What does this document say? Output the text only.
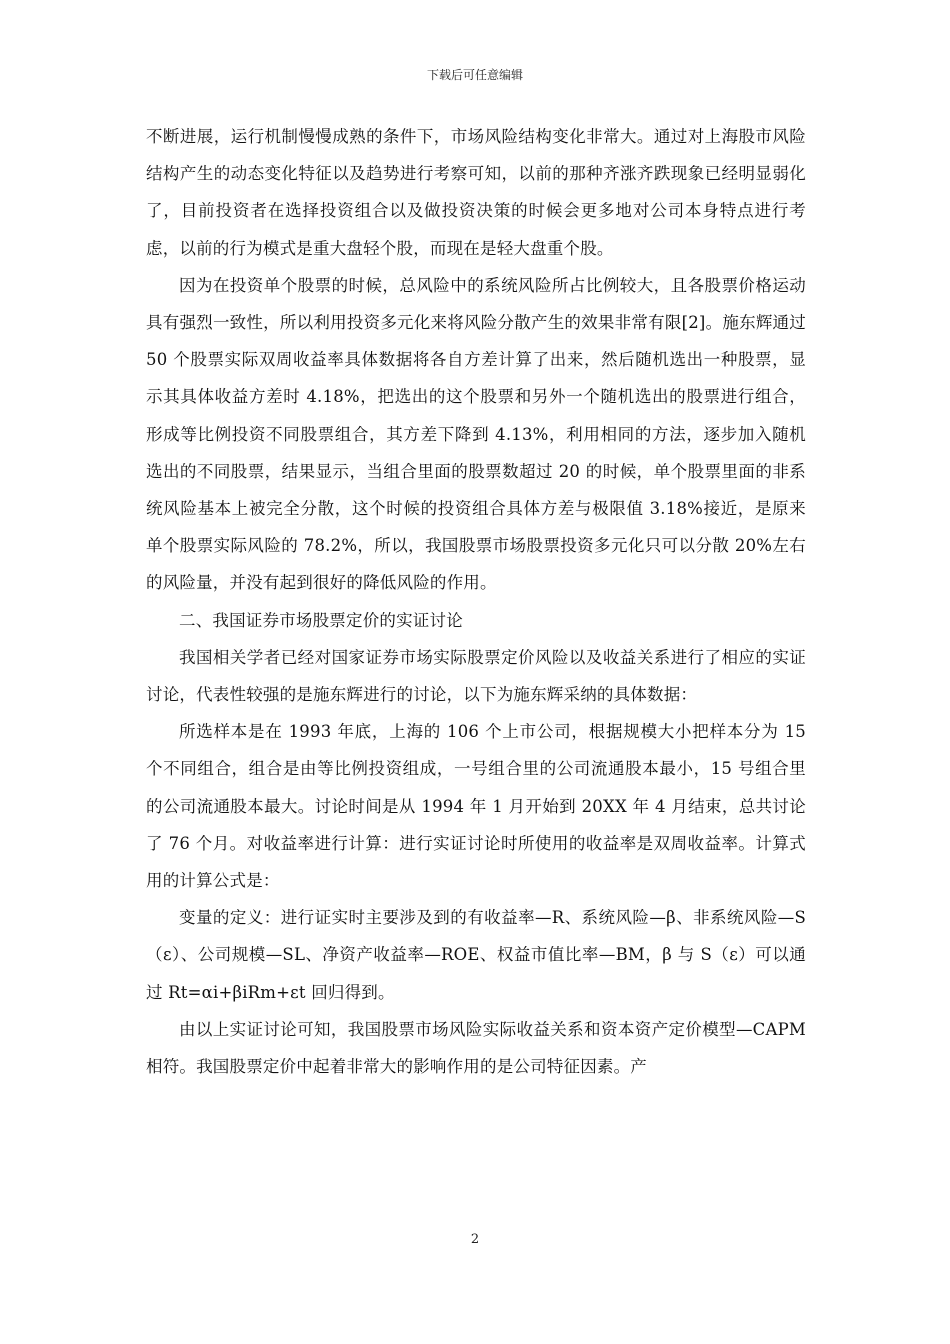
下载后可任意编辑

不断进展，运行机制慢慢成熟的条件下，市场风险结构变化非常大。通过对上海股市风险结构产生的动态变化特征以及趋势进行考察可知，以前的那种齐涨齐跌现象已经明显弱化了，目前投资者在选择投资组合以及做投资决策的时候会更多地对公司本身特点进行考虑，以前的行为模式是重大盘轻个股，而现在是轻大盘重个股。

因为在投资单个股票的时候，总风险中的系统风险所占比例较大，且各股票价格运动具有强烈一致性，所以利用投资多元化来将风险分散产生的效果非常有限[2]。施东辉通过 50 个股票实际双周收益率具体数据将各自方差计算了出来，然后随机选出一种股票，显示其具体收益方差时 4.18%，把选出的这个股票和另外一个随机选出的股票进行组合，形成等比例投资不同股票组合，其方差下降到 4.13%，利用相同的方法，逐步加入随机选出的不同股票，结果显示，当组合里面的股票数超过 20 的时候，单个股票里面的非系统风险基本上被完全分散，这个时候的投资组合具体方差与极限值 3.18%接近，是原来单个股票实际风险的 78.2%，所以，我国股票市场股票投资多元化只可以分散 20%左右的风险量，并没有起到很好的降低风险的作用。

二、我国证券市场股票定价的实证讨论

我国相关学者已经对国家证券市场实际股票定价风险以及收益关系进行了相应的实证讨论，代表性较强的是施东辉进行的讨论，以下为施东辉采纳的具体数据：

所选样本是在 1993 年底，上海的 106 个上市公司，根据规模大小把样本分为 15 个不同组合，组合是由等比例投资组成，一号组合里的公司流通股本最小，15 号组合里的公司流通股本最大。讨论时间是从 1994 年 1 月开始到 20XX 年 4 月结束，总共讨论了 76 个月。对收益率进行计算：进行实证讨论时所使用的收益率是双周收益率。计算式用的计算公式是：

变量的定义：进行证实时主要涉及到的有收益率—R、系统风险—β、非系统风险—S（ε）、公司规模—SL、净资产收益率—ROE、权益市值比率—BM，β 与 S（ε）可以通过 Rt=αi+βiRm+εt 回归得到。

由以上实证讨论可知，我国股票市场风险实际收益关系和资本资产定价模型—CAPM 相符。我国股票定价中起着非常大的影响作用的是公司特征因素。产

2
